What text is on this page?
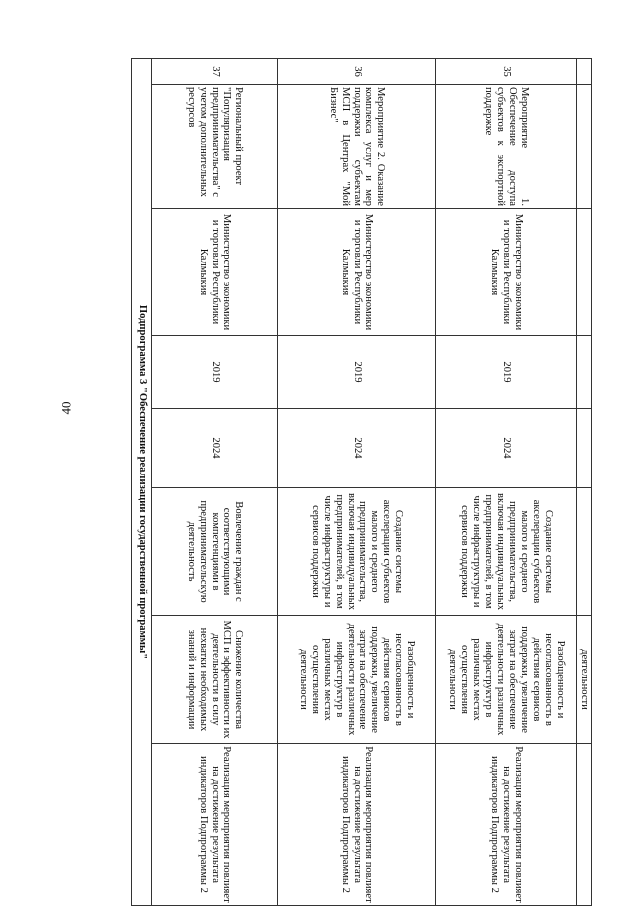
40
						деятельности	
35	Мероприятие 1. Обеспечение доступа субъектов к экспортной поддержке	Министерство экономики и торговли Республики Калмыкия	2019	2024	Создание системы акселерации субъектов малого и среднего предпринимательства, включая индивидуальных предпринимателей, в том числе инфраструктуры и сервисов поддержки	Разобщенность и несогласованность в действия сервисов поддержки, увеличение затрат на обеспечение деятельности различных инфраструктур в различных местах осуществления деятельности	Реализация мероприятия повлияет на достижение результата индикаторов Подпрограммы 2
36	Мероприятие 2. Оказание комплекса услуг и мер поддержки субъектам МСП в Центрах "Мой Бизнес"	Министерство экономики и торговли Республики Калмыкия	2019	2024	Создание системы акселерации субъектов малого и среднего предпринимательства, включая индивидуальных предпринимателей, в том числе инфраструктуры и сервисов поддержки	Разобщенность и несогласованность в действия сервисов поддержки, увеличение затрат на обеспечение деятельности различных инфраструктур в различных местах осуществления деятельности	Реализация мероприятия повлияет на достижение результата индикаторов Подпрограммы 2
37	Региональный проект "Популяризация предпринимательства" с учетом дополнительных ресурсов	Министерство экономики и торговли Республики Калмыкия	2019	2024	Вовлечение граждан с соответствующими компетенциями в предпринимательскую деятельность	Снижение количества МСП и эффективности их деятельности в силу нехватки необходимых знаний и информации	Реализация мероприятия повлияет на достижение результата индикаторов Подпрограммы 2
Подпрограмма 3 "Обеспечение реализации государственной программы"							
